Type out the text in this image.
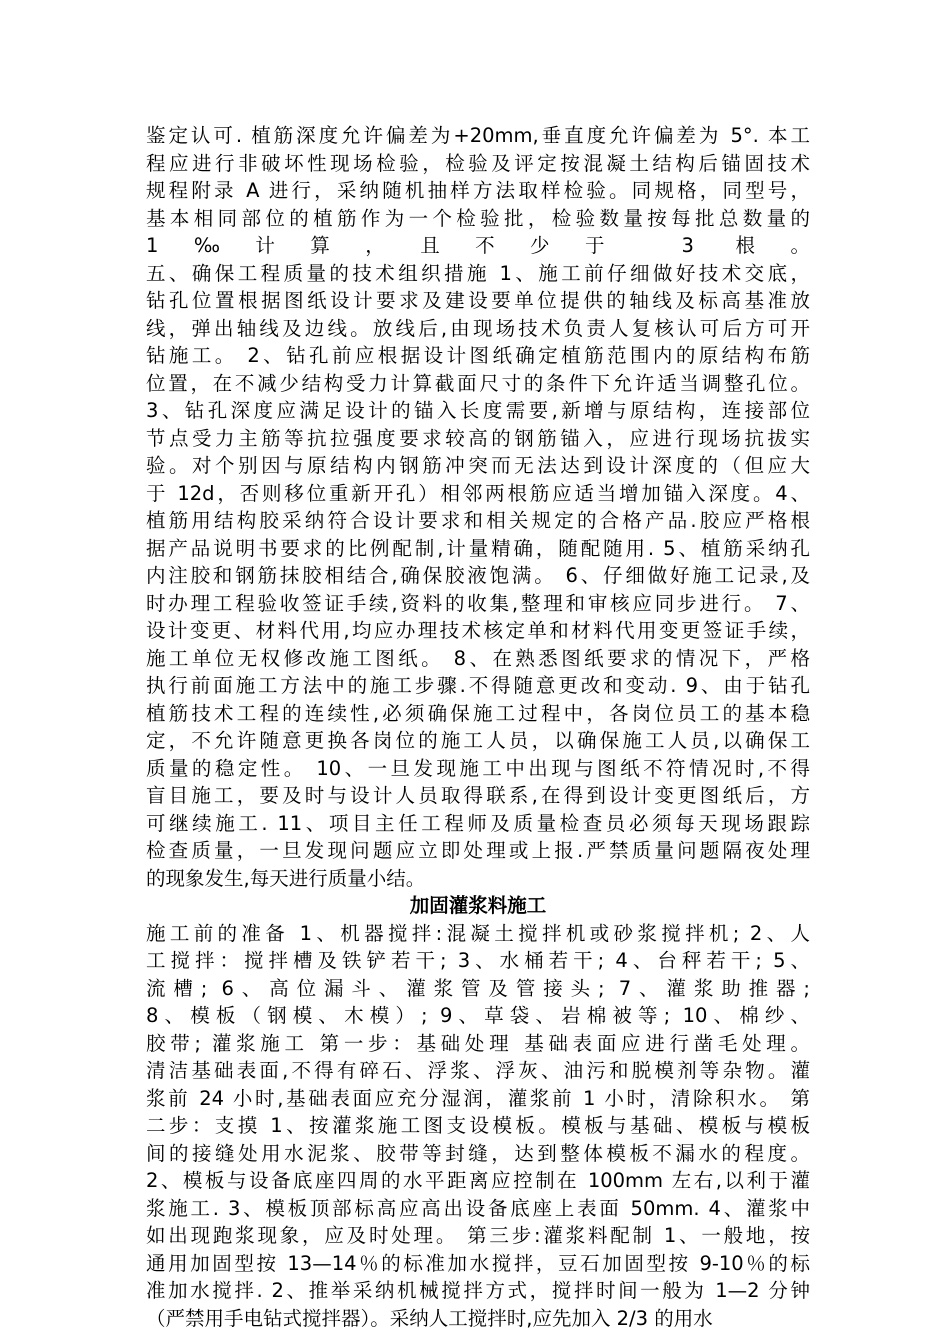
鉴定认可. 植筋深度允许偏差为+20mm,垂直度允许偏差为 5°. 本工
程应进行非破坏性现场检验，检验及评定按混凝土结构后锚固技术
规程附录 A 进行，采纳随机抽样方法取样检验。同规格，同型号，
基本相同部位的植筋作为一个检验批，检验数量按每批总数量的
1‰计算，且不少于 3 根。
五、确保工程质量的技术组织措施 1、施工前仔细做好技术交底，
钻孔位置根据图纸设计要求及建设要单位提供的轴线及标高基准放
线，弹出轴线及边线。放线后,由现场技术负责人复核认可后方可开
钻施工。 2、钻孔前应根据设计图纸确定植筋范围内的原结构布筋
位置，在不减少结构受力计算截面尺寸的条件下允许适当调整孔位。
3、钻孔深度应满足设计的锚入长度需要,新增与原结构，连接部位
节点受力主筋等抗拉强度要求较高的钢筋锚入，应进行现场抗拔实
验。对个别因与原结构内钢筋冲突而无法达到设计深度的（但应大
于 12d，否则移位重新开孔）相邻两根筋应适当增加锚入深度。4、
植筋用结构胶采纳符合设计要求和相关规定的合格产品.胶应严格根
据产品说明书要求的比例配制,计量精确，随配随用. 5、植筋采纳孔
内注胶和钢筋抹胶相结合,确保胶液饱满。 6、仔细做好施工记录,及
时办理工程验收签证手续,资料的收集,整理和审核应同步进行。 7、
设计变更、材料代用,均应办理技术核定单和材料代用变更签证手续，
施工单位无权修改施工图纸。 8、在熟悉图纸要求的情况下，严格
执行前面施工方法中的施工步骤.不得随意更改和变动. 9、由于钻孔
植筋技术工程的连续性,必须确保施工过程中，各岗位员工的基本稳
定，不允许随意更换各岗位的施工人员，以确保施工人员,以确保工
质量的稳定性。 10、一旦发现施工中出现与图纸不符情况时,不得
盲目施工，要及时与设计人员取得联系,在得到设计变更图纸后，方
可继续施工. 11、项目主任工程师及质量检查员必须每天现场跟踪
检查质量，一旦发现问题应立即处理或上报.严禁质量问题隔夜处理
的现象发生,每天进行质量小结。
加固灌浆料施工
施工前的准备 1、机器搅拌:混凝土搅拌机或砂浆搅拌机; 2、人
工搅拌：搅拌槽及铁铲若干; 3、水桶若干; 4、台秤若干; 5、
流槽; 6、高位漏斗、灌浆管及管接头; 7、灌浆助推器;
8、模板（钢模、木模）; 9、草袋、岩棉被等; 10、棉纱、
胶带; 灌浆施工 第一步：基础处理 基础表面应进行凿毛处理。
清洁基础表面,不得有碎石、浮浆、浮灰、油污和脱模剂等杂物。灌
浆前 24 小时,基础表面应充分湿润，灌浆前 1 小时，清除积水。 第
二步：支摸 1、按灌浆施工图支设模板。模板与基础、模板与模板
间的接缝处用水泥浆、胶带等封缝，达到整体模板不漏水的程度。
2、模板与设备底座四周的水平距离应控制在 100mm 左右,以利于灌
浆施工. 3、模板顶部标高应高出设备底座上表面 50mm. 4、灌浆中
如出现跑浆现象，应及时处理。 第三步:灌浆料配制 1、一般地，按
通用加固型按 13—14％的标准加水搅拌，豆石加固型按 9-10％的标
准加水搅拌. 2、推举采纳机械搅拌方式，搅拌时间一般为 1—2 分钟
（严禁用手电钻式搅拌器）。采纳人工搅拌时,应先加入 2/3 的用水
